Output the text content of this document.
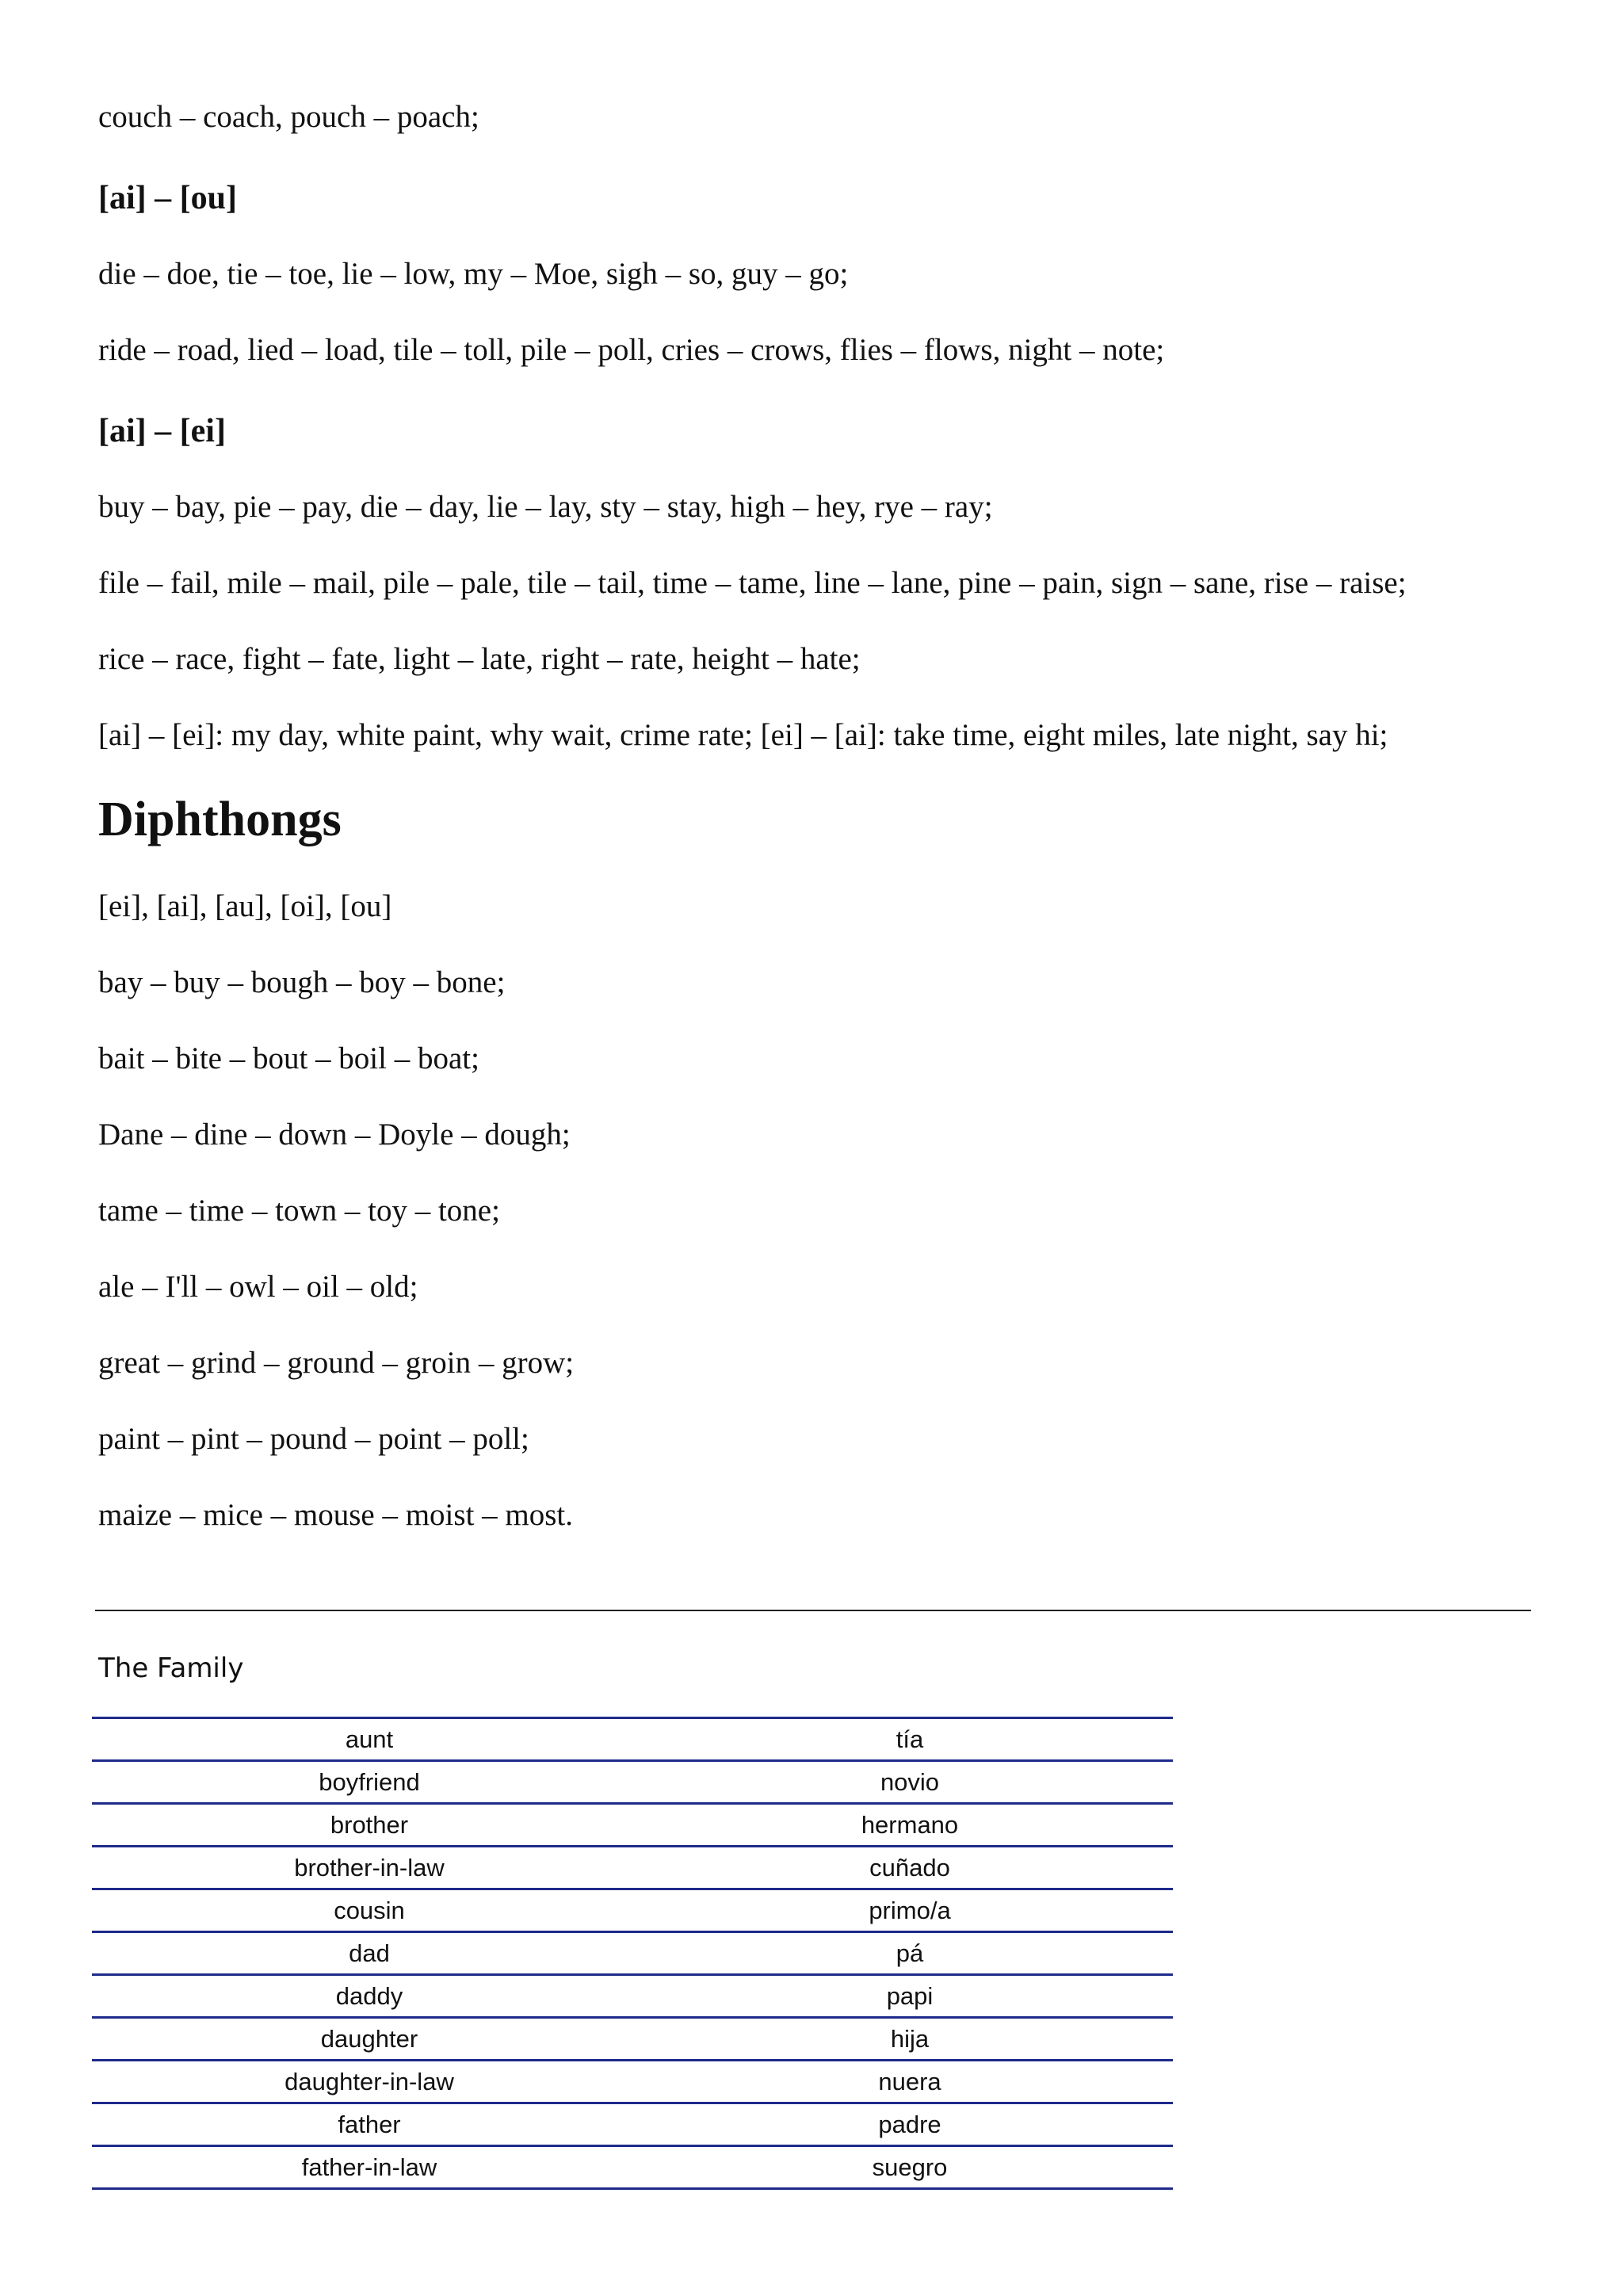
couch – coach, pouch – poach;
[ai] – [ou]
die – doe, tie – toe, lie – low, my – Moe, sigh – so, guy – go;
ride – road, lied – load, tile – toll, pile – poll, cries – crows, flies – flows, night – note;
[ai] – [ei]
buy – bay, pie – pay, die – day, lie – lay, sty – stay, high – hey, rye – ray;
file – fail, mile – mail, pile – pale, tile – tail, time – tame, line – lane, pine – pain, sign – sane, rise – raise;
rice – race, fight – fate, light – late, right – rate, height – hate;
[ai] – [ei]: my day, white paint, why wait, crime rate; [ei] – [ai]: take time, eight miles, late night, say hi;
Diphthongs
[ei], [ai], [au], [oi], [ou]
bay – buy – bough – boy – bone;
bait – bite – bout – boil – boat;
Dane – dine – down – Doyle – dough;
tame – time – town – toy – tone;
ale – I'll – owl – oil – old;
great – grind – ground – groin – grow;
paint – pint – pound – point – poll;
maize – mice – mouse – moist – most.
The Family
aunt	tía
boyfriend	novio
brother	hermano
brother-in-law	cuñado
cousin	primo/a
dad	pá
daddy	papi
daughter	hija
daughter-in-law	nuera
father	padre
father-in-law	suegro
